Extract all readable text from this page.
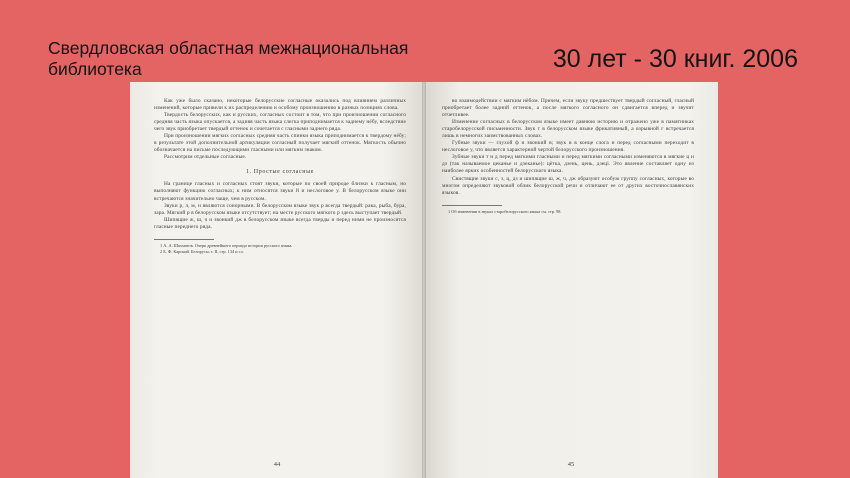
Свердловская областная межнациональная библиотека	30 лет - 30 книг. 2006

Как уже было сказано, некоторые белорусские согласные оказались под влиянием различных изменений, которые привели к их распределению и особому произношению в разных позициях слова.

Твердость белорусских, как и русских, согласных состоит в том, что при произношении согласного средняя часть языка опускается, а задняя часть языка слегка приподнимается к заднему нёбу, вследствие чего звук приобретает твердый оттенок и сочетается с гласными заднего ряда.

При произношении мягких согласных средняя часть спинки языка приподнимается к твердому нёбу; в результате этой дополнительной артикуляции согласный получает мягкий оттенок. Мягкость обычно обозначается на письме последующими гласными или мягким знаком.

Рассмотрим отдельные согласные.

1. Простые согласные

На границе гласных и согласных стоят звуки, которые по своей природе близки к гласным, но выполняют функцию согласных; к ним относятся звуки й и неслоговое у. В белорусском языке они встречаются значительно чаще, чем в русском.

Звуки р, л, м, н являются сонорными. В белорусском языке звук р всегда твердый: рака, рыба, бура, зара. Мягкий р в белорусском языке отсутствует; на месте русского мягкого р здесь выступает твердый.

Шипящие ж, ш, ч и звонкий дж в белорусском языке всегда тверды и перед ними не произносятся гласные переднего ряда.

1 А. А. Шахматов. Очерк древнейшего периода истории русского языка.

2 Б. Ф. Карский. Белорусы, т. II, стр. 134 и сл.

44

во взаимодействии с мягким нёбом. Причем, если звуку предшествует твердый согласный, гласный приобретает более задний оттенок, а после мягкого согласного он сдвигается вперед и звучит отчетливее.

Изменение согласных в белорусском языке имеет давнюю историю и отражено уже в памятниках старобелорусской письменности. Звук г в белорусском языке фрикативный, а взрывной г встречается лишь в немногих заимствованных словах.

Губные звуки — глухой ф и звонкий в; звук в в конце слога и перед согласными переходит в неслоговое у, что является характерной чертой белорусского произношения.

Зубные звуки т и д перед мягкими гласными и перед мягкими согласными изменяются в мягкие ц и дз (так называемое цеканье и дзеканье): цётка, дзень, цень, дзеці. Это явление составляет одну из наиболее ярких особенностей белорусского языка.

Свистящие звуки с, з, ц, дз и шипящие ш, ж, ч, дж образуют особую группу согласных, которые во многом определяют звуковой облик белорусской речи и отличают ее от других восточнославянских языков.

1 Об изменении в звуках старобелорусского языка см. стр. 98.

45
